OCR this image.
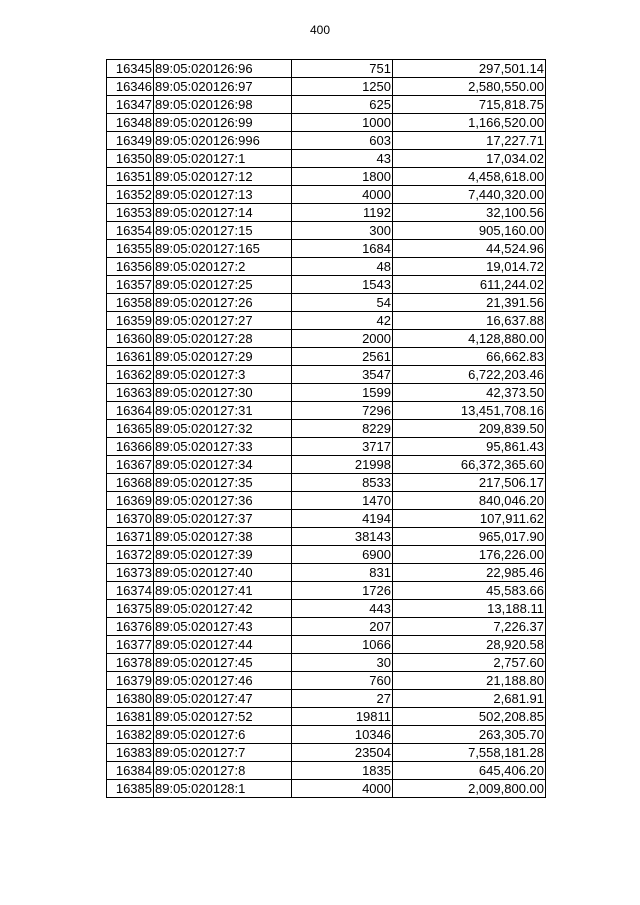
400
16345	89:05:020126:96	751	297,501.14
16346	89:05:020126:97	1250	2,580,550.00
16347	89:05:020126:98	625	715,818.75
16348	89:05:020126:99	1000	1,166,520.00
16349	89:05:020126:996	603	17,227.71
16350	89:05:020127:1	43	17,034.02
16351	89:05:020127:12	1800	4,458,618.00
16352	89:05:020127:13	4000	7,440,320.00
16353	89:05:020127:14	1192	32,100.56
16354	89:05:020127:15	300	905,160.00
16355	89:05:020127:165	1684	44,524.96
16356	89:05:020127:2	48	19,014.72
16357	89:05:020127:25	1543	611,244.02
16358	89:05:020127:26	54	21,391.56
16359	89:05:020127:27	42	16,637.88
16360	89:05:020127:28	2000	4,128,880.00
16361	89:05:020127:29	2561	66,662.83
16362	89:05:020127:3	3547	6,722,203.46
16363	89:05:020127:30	1599	42,373.50
16364	89:05:020127:31	7296	13,451,708.16
16365	89:05:020127:32	8229	209,839.50
16366	89:05:020127:33	3717	95,861.43
16367	89:05:020127:34	21998	66,372,365.60
16368	89:05:020127:35	8533	217,506.17
16369	89:05:020127:36	1470	840,046.20
16370	89:05:020127:37	4194	107,911.62
16371	89:05:020127:38	38143	965,017.90
16372	89:05:020127:39	6900	176,226.00
16373	89:05:020127:40	831	22,985.46
16374	89:05:020127:41	1726	45,583.66
16375	89:05:020127:42	443	13,188.11
16376	89:05:020127:43	207	7,226.37
16377	89:05:020127:44	1066	28,920.58
16378	89:05:020127:45	30	2,757.60
16379	89:05:020127:46	760	21,188.80
16380	89:05:020127:47	27	2,681.91
16381	89:05:020127:52	19811	502,208.85
16382	89:05:020127:6	10346	263,305.70
16383	89:05:020127:7	23504	7,558,181.28
16384	89:05:020127:8	1835	645,406.20
16385	89:05:020128:1	4000	2,009,800.00
